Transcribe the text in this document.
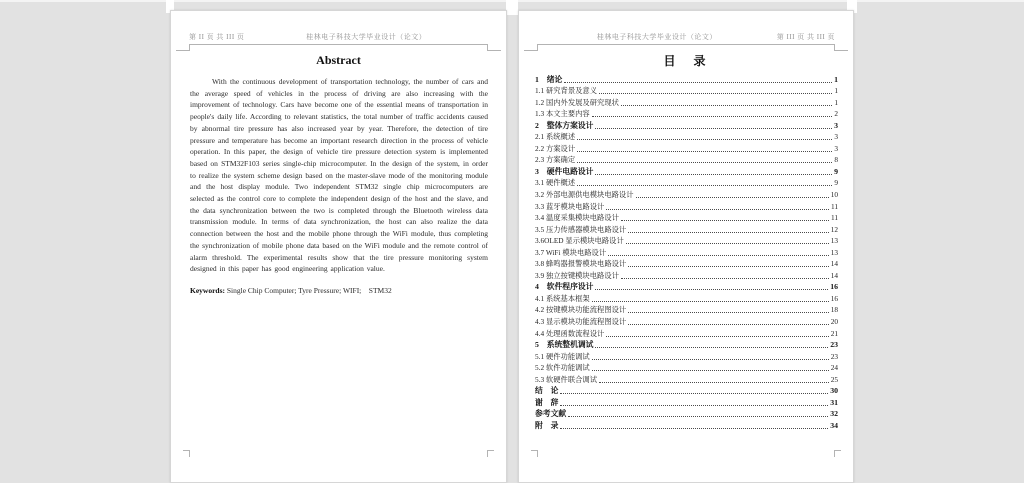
第 II 页 共 III 页	桂林电子科技大学毕业设计（论文）
Abstract
With the continuous development of transportation technology, the number of cars and the average speed of vehicles in the process of driving are also increasing with the improvement of technology. Cars have become one of the essential means of transportation in people's daily life. According to relevant statistics, the total number of traffic accidents caused by abnormal tire pressure has also increased year by year. Therefore, the detection of tire pressure and temperature has become an important research direction in the process of vehicle operation. In this paper, the design of vehicle tire pressure detection system is implemented based on STM32F103 series single-chip microcomputer. In the design of the system, in order to realize the system scheme design based on the master-slave mode of the monitoring module and the host display module. Two independent STM32 single chip microcomputers are selected as the control core to complete the independent design of the host and the slave, and the data synchronization between the two is completed through the Bluetooth wireless data transmission module. In terms of data synchronization, the host can also realize the data connection between the host and the mobile phone through the WiFi module, thus completing the synchronization of mobile phone data based on the WiFi module and the remote control of alarm threshold. The experimental results show that the tire pressure monitoring system designed in this paper has good engineering application value.
Keywords: Single Chip Computer; Tyre Pressure; WIFI;    STM32
桂林电子科技大学毕业设计（论文）	第 III 页 共 III 页
目　录
1　绪论	1
1.1 研究背景及意义	1
1.2 国内外发展及研究现状	1
1.3 本文主要内容	2
2　整体方案设计	3
2.1 系统概述	3
2.2 方案设计	3
2.3 方案确定	8
3　硬件电路设计	9
3.1 硬件概述	9
3.2 外部电源供电模块电路设计	10
3.3 蓝牙模块电路设计	11
3.4 温度采集模块电路设计	11
3.5 压力传感器模块电路设计	12
3.6OLED 显示模块电路设计	13
3.7 WiFi 模块电路设计	13
3.8 蜂鸣器报警模块电路设计	14
3.9 独立按键模块电路设计	14
4　软件程序设计	16
4.1 系统基本框架	16
4.2 按键模块功能流程图设计	18
4.3 显示模块功能流程图设计	20
4.4 处理函数流程设计	21
5　系统整机调试	23
5.1 硬件功能调试	23
5.2 软件功能调试	24
5.3 软硬件联合调试	25
结　论	30
谢　辞	31
参考文献	32
附　录	34
